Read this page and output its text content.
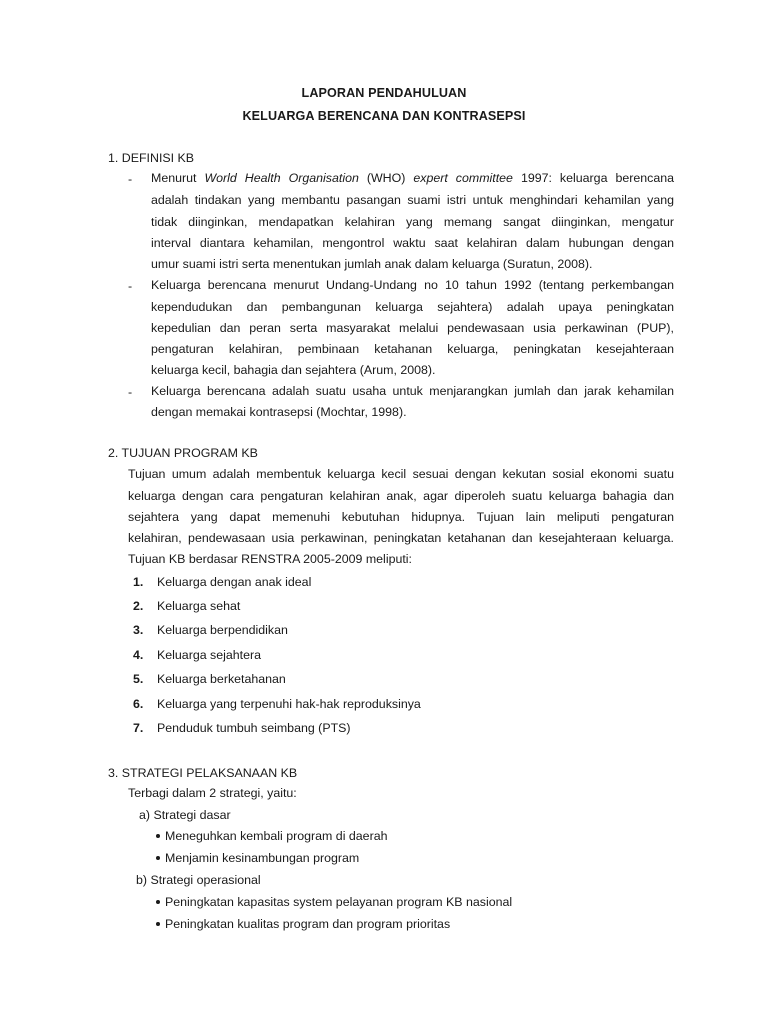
LAPORAN PENDAHULUAN
KELUARGA BERENCANA DAN KONTRASEPSI
1. DEFINISI KB
- Menurut World Health Organisation (WHO) expert committee 1997: keluarga berencana
adalah tindakan yang membantu pasangan suami istri untuk menghindari kehamilan yang
tidak diinginkan, mendapatkan kelahiran yang memang sangat diinginkan, mengatur
interval diantara kehamilan, mengontrol waktu saat kelahiran dalam hubungan dengan
umur suami istri serta menentukan jumlah anak dalam keluarga (Suratun, 2008).
- Keluarga berencana menurut Undang-Undang no 10 tahun 1992 (tentang perkembangan
kependudukan dan pembangunan keluarga sejahtera) adalah upaya peningkatan
kepedulian dan peran serta masyarakat melalui pendewasaan usia perkawinan (PUP),
pengaturan kelahiran, pembinaan ketahanan keluarga, peningkatan kesejahteraan
keluarga kecil, bahagia dan sejahtera (Arum, 2008).
- Keluarga berencana adalah suatu usaha untuk menjarangkan jumlah dan jarak kehamilan
dengan memakai kontrasepsi (Mochtar, 1998).
2. TUJUAN PROGRAM KB
Tujuan umum adalah membentuk keluarga kecil sesuai dengan kekutan sosial ekonomi suatu
keluarga dengan cara pengaturan kelahiran anak, agar diperoleh suatu keluarga bahagia dan
sejahtera yang dapat memenuhi kebutuhan hidupnya. Tujuan lain meliputi pengaturan
kelahiran, pendewasaan usia perkawinan, peningkatan ketahanan dan kesejahteraan keluarga.
Tujuan KB berdasar RENSTRA 2005-2009 meliputi:
1. Keluarga dengan anak ideal
2. Keluarga sehat
3. Keluarga berpendidikan
4. Keluarga sejahtera
5. Keluarga berketahanan
6. Keluarga yang terpenuhi hak-hak reproduksinya
7. Penduduk tumbuh seimbang (PTS)
3. STRATEGI PELAKSANAAN KB
Terbagi dalam 2 strategi, yaitu:
a) Strategi dasar
Meneguhkan kembali program di daerah
Menjamin kesinambungan program
b) Strategi operasional
Peningkatan kapasitas system pelayanan program KB nasional
Peningkatan kualitas program dan program prioritas
